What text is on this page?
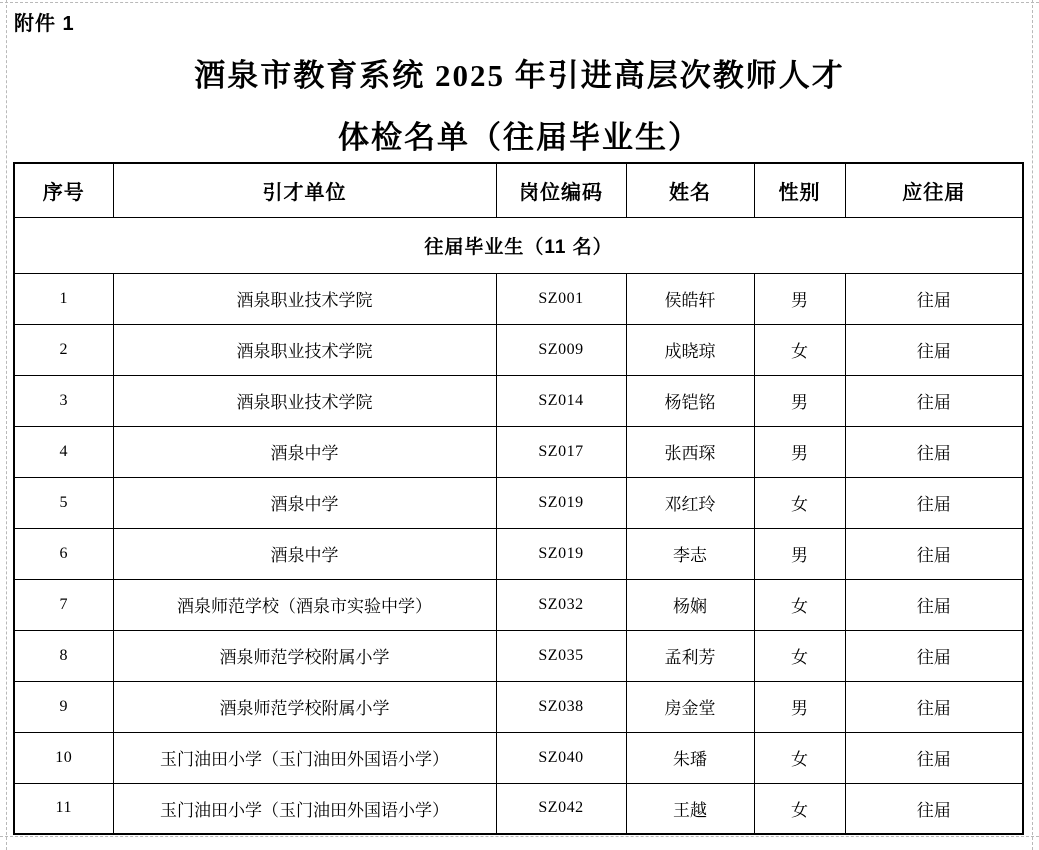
附件 1
酒泉市教育系统 2025 年引进高层次教师人才
体检名单（往届毕业生）
序号	引才单位	岗位编码	姓名	性别	应往届
往届毕业生（11 名）					
1	酒泉职业技术学院	SZ001	侯皓轩	男	往届
2	酒泉职业技术学院	SZ009	成晓琼	女	往届
3	酒泉职业技术学院	SZ014	杨铠铭	男	往届
4	酒泉中学	SZ017	张西琛	男	往届
5	酒泉中学	SZ019	邓红玲	女	往届
6	酒泉中学	SZ019	李志	男	往届
7	酒泉师范学校（酒泉市实验中学）	SZ032	杨娴	女	往届
8	酒泉师范学校附属小学	SZ035	孟利芳	女	往届
9	酒泉师范学校附属小学	SZ038	房金堂	男	往届
10	玉门油田小学（玉门油田外国语小学）	SZ040	朱璠	女	往届
11	玉门油田小学（玉门油田外国语小学）	SZ042	王越	女	往届
